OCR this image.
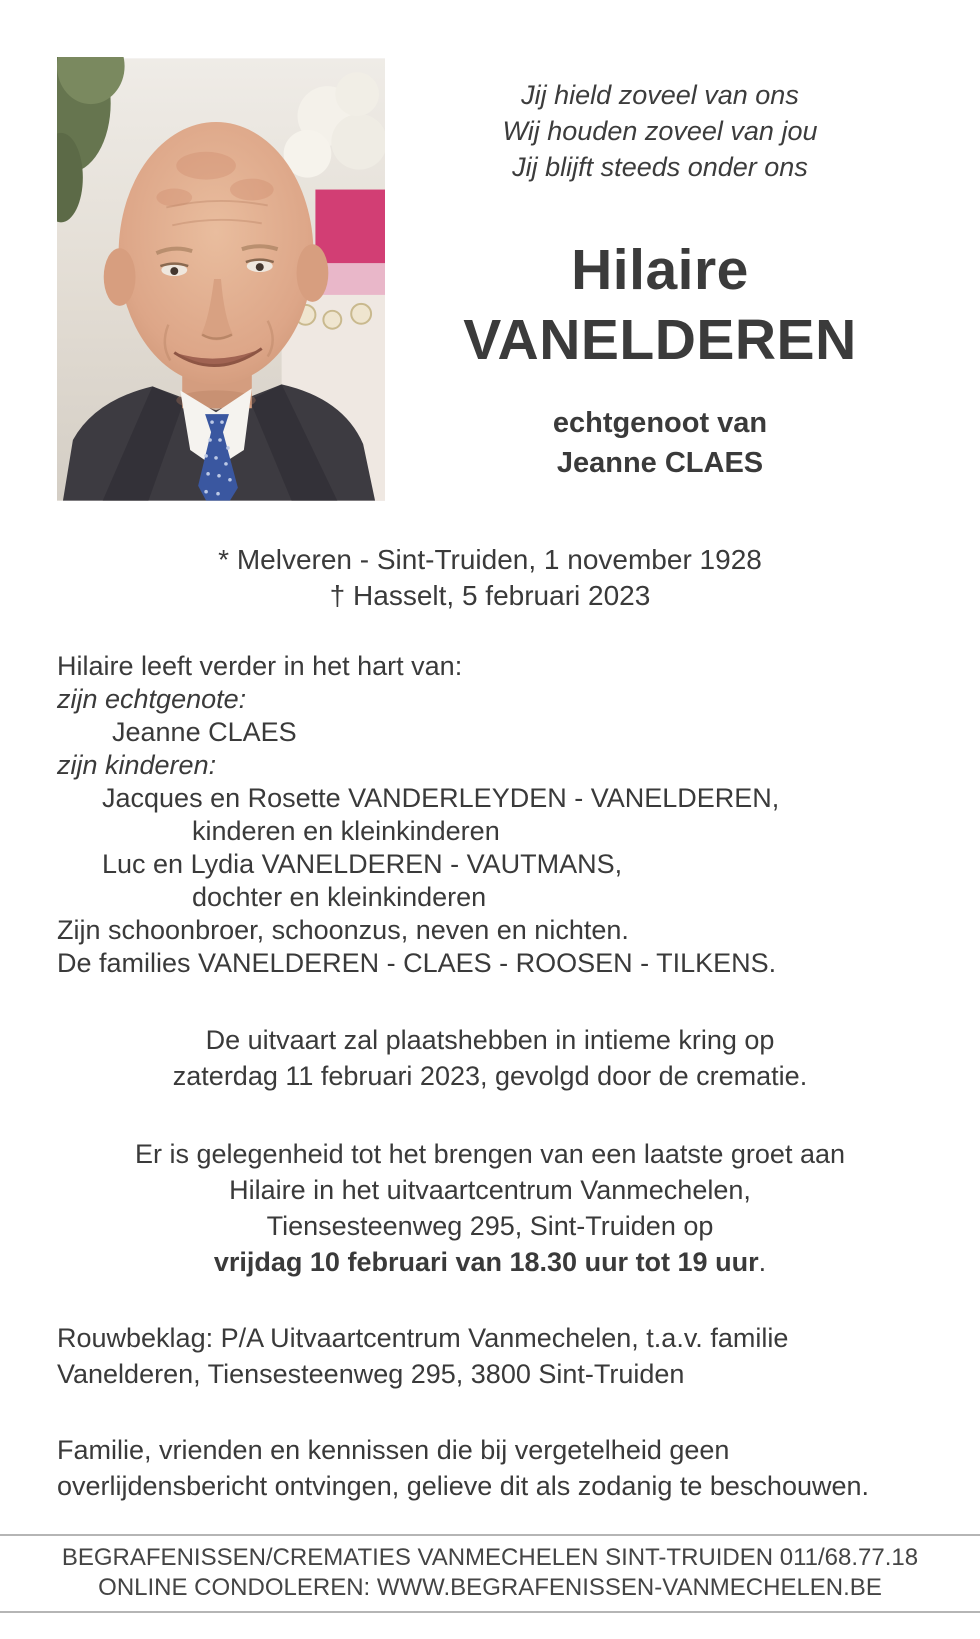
Jij hield zoveel van ons
Wij houden zoveel van jou
Jij blijft steeds onder ons
Hilaire
VANELDEREN
echtgenoot van
Jeanne CLAES
* Melveren - Sint-Truiden, 1 november 1928
† Hasselt, 5 februari 2023
Hilaire leeft verder in het hart van:
zijn echtgenote:
Jeanne CLAES
zijn kinderen:
Jacques en Rosette VANDERLEYDEN - VANELDEREN,
kinderen en kleinkinderen
Luc en Lydia VANELDEREN - VAUTMANS,
dochter en kleinkinderen
Zijn schoonbroer, schoonzus, neven en nichten.
De families VANELDEREN - CLAES - ROOSEN - TILKENS.
De uitvaart zal plaatshebben in intieme kring op
zaterdag 11 februari 2023, gevolgd door de crematie.
Er is gelegenheid tot het brengen van een laatste groet aan
Hilaire in het uitvaartcentrum Vanmechelen,
Tiensesteenweg 295, Sint-Truiden op
vrijdag 10 februari van 18.30 uur tot 19 uur.
Rouwbeklag: P/A Uitvaartcentrum Vanmechelen, t.a.v. familie Vanelderen, Tiensesteenweg 295, 3800 Sint-Truiden
Familie, vrienden en kennissen die bij vergetelheid geen overlijdensbericht ontvingen, gelieve dit als zodanig te beschouwen.
BEGRAFENISSEN/CREMATIES VANMECHELEN SINT-TRUIDEN 011/68.77.18
ONLINE CONDOLEREN: WWW.BEGRAFENISSEN-VANMECHELEN.BE
